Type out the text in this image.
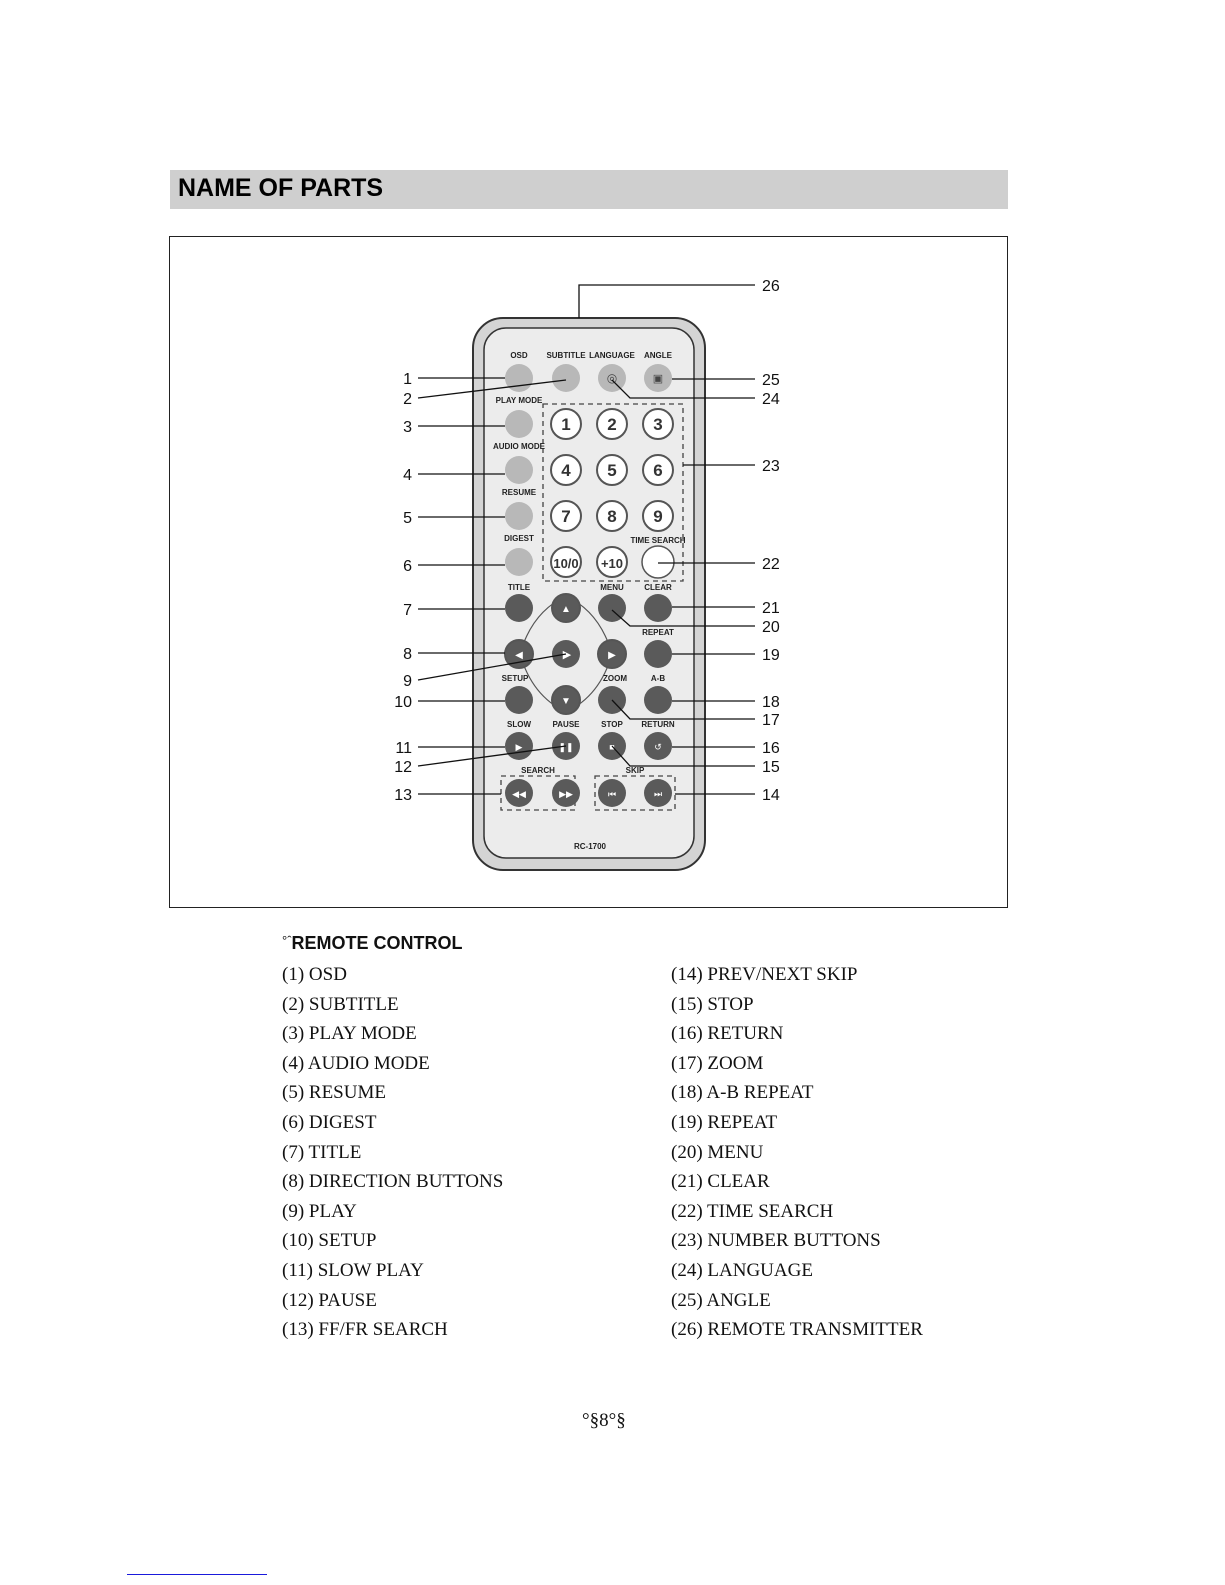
NAME OF PARTS
OSD SUBTITLE LANGUAGE ANGLE
◎	▣
PLAY MODE
AUDIO MODE
RESUME
DIGEST
1 2 3
4 5 6
7 8 9
10/0 +10
TIME SEARCH
TITLE	MENU	CLEAR
REPEAT
SETUP	ZOOM	A-B
▲
◀	▶
▼
▶
SLOW
▶
PAUSE
❚❚
STOP
■
RETURN
↺
SEARCH	SKIP
◀◀	▶▶	⏮	⏭
RC-1700
1
2
3
4
5
6
7
8
9
10
11
12
13
26
25
24
23
22
21
20
19
18
17
16
15
14
$^{^\circ ˆ}$REMOTE CONTROL
(1) OSD
(2) SUBTITLE
(3) PLAY MODE
(4) AUDIO MODE
(5) RESUME
(6) DIGEST
(7) TITLE
(8) DIRECTION BUTTONS
(9) PLAY
(10) SETUP
(11) SLOW PLAY
(12) PAUSE
(13) FF/FR SEARCH
(14) PREV/NEXT SKIP
(15) STOP
(16) RETURN
(17) ZOOM
(18) A-B REPEAT
(19) REPEAT
(20) MENU
(21) CLEAR
(22) TIME SEARCH
(23) NUMBER BUTTONS
(24) LANGUAGE
(25) ANGLE
(26) REMOTE TRANSMITTER
°§8°§
